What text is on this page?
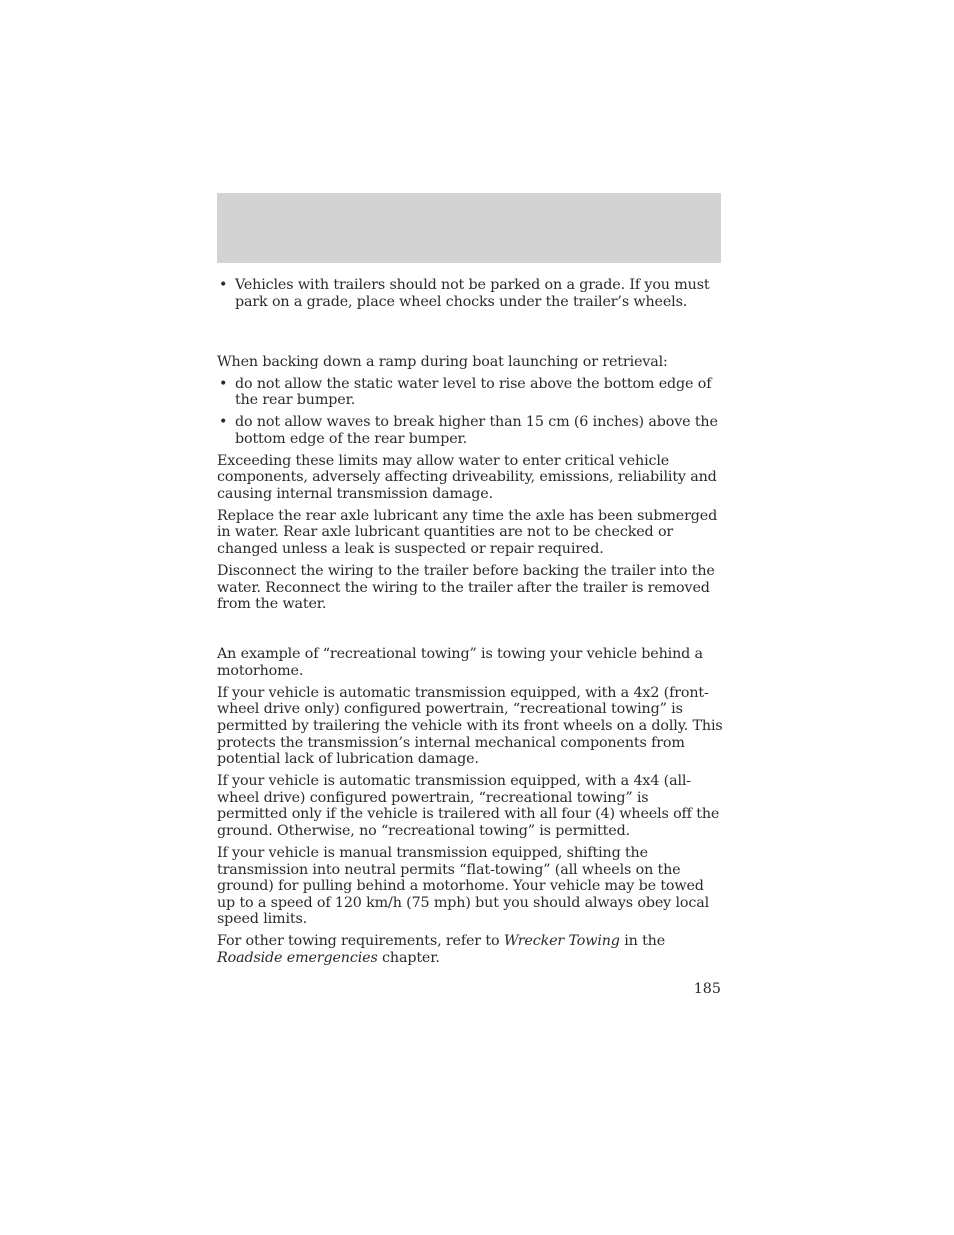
• Vehicles with trailers should not be parked on a grade. If you must park on a grade, place wheel chocks under the trailer’s wheels.

When backing down a ramp during boat launching or retrieval:

• do not allow the static water level to rise above the bottom edge of the rear bumper.
• do not allow waves to break higher than 15 cm (6 inches) above the bottom edge of the rear bumper.

Exceeding these limits may allow water to enter critical vehicle components, adversely affecting driveability, emissions, reliability and causing internal transmission damage.

Replace the rear axle lubricant any time the axle has been submerged in water. Rear axle lubricant quantities are not to be checked or changed unless a leak is suspected or repair required.

Disconnect the wiring to the trailer before backing the trailer into the water. Reconnect the wiring to the trailer after the trailer is removed from the water.

An example of “recreational towing” is towing your vehicle behind a motorhome.

If your vehicle is automatic transmission equipped, with a 4x2 (front-wheel drive only) configured powertrain, “recreational towing” is permitted by trailering the vehicle with its front wheels on a dolly. This protects the transmission’s internal mechanical components from potential lack of lubrication damage.

If your vehicle is automatic transmission equipped, with a 4x4 (all-wheel drive) configured powertrain, “recreational towing” is permitted only if the vehicle is trailered with all four (4) wheels off the ground. Otherwise, no “recreational towing” is permitted.

If your vehicle is manual transmission equipped, shifting the transmission into neutral permits “flat-towing” (all wheels on the ground) for pulling behind a motorhome. Your vehicle may be towed up to a speed of 120 km/h (75 mph) but you should always obey local speed limits.

For other towing requirements, refer to Wrecker Towing in the Roadside emergencies chapter.

185
